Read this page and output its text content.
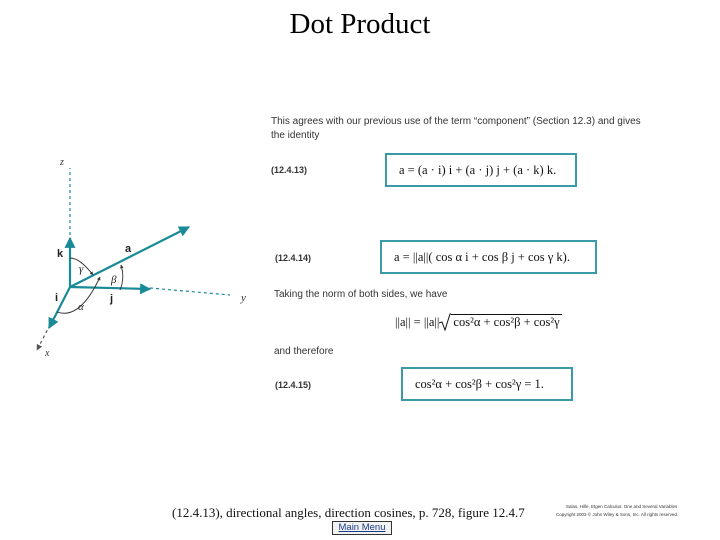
Dot Product
z
y
x
k	a
i	j
γ
β
α
This agrees with our previous use of the term “component” (Section 12.3) and gives
the identity
(12.4.13)	a = (a · i) i + (a · j) j + (a · k) k.
(12.4.14)	a = ||a||( cos α i + cos β j + cos γ k).
Taking the norm of both sides, we have
||a|| = ||a|| cos²α + cos²β + cos²γ
and therefore
(12.4.15)	cos²α + cos²β + cos²γ = 1.
(12.4.13), directional angles, direction cosines, p. 728, figure 12.4.7
Main Menu
Salas, Hille, Etgen Calculus: One and Several Variables
Copyright 2003 © John Wiley & Sons, Inc. All rights reserved.
